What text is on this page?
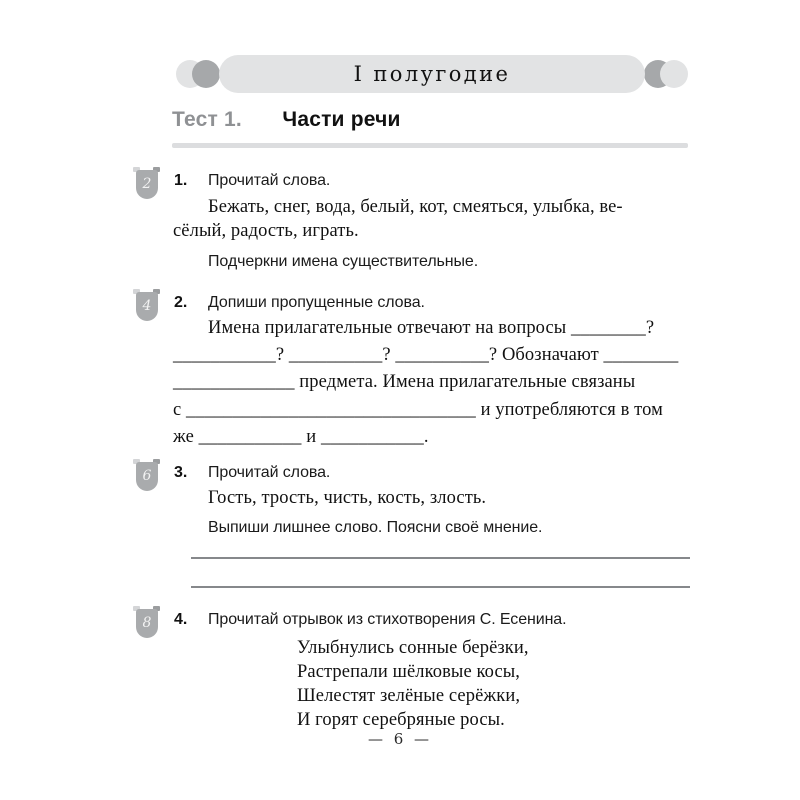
I полугодие
Тест 1. Части речи
2	1. Прочитай слова.
Бежать, снег, вода, белый, кот, смеяться, улыбка, ве-
сёлый, радость, играть.
Подчеркни имена существительные.
4	2. Допиши пропущенные слова.
Имена прилагательные отвечают на вопросы ________?
___________? __________? __________? Обозначают ________
_____________ предмета. Имена прилагательные связаны
с _______________________________ и употребляются в том
же ___________ и ___________.
6	3. Прочитай слова.
Гость, трость, чисть, кость, злость.
Выпиши лишнее слово. Поясни своё мнение.
8	4. Прочитай отрывок из стихотворения С. Есенина.
Улыбнулись сонные берёзки,
Растрепали шёлковые косы,
Шелестят зелёные серёжки,
И горят серебряные росы.
— 6 —
